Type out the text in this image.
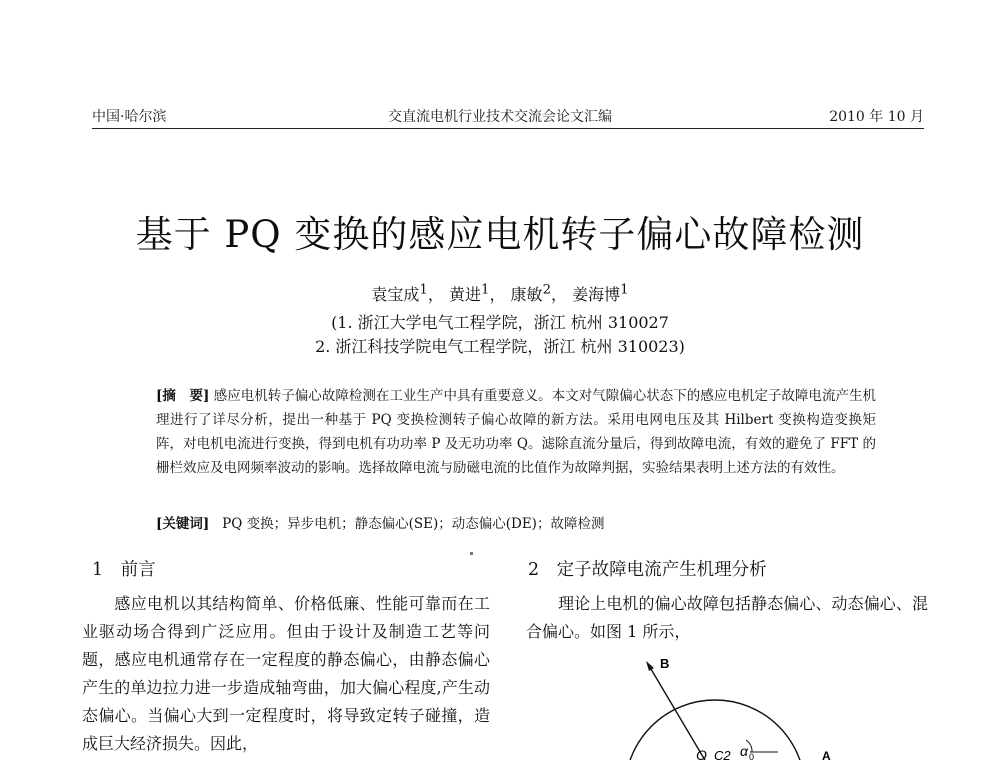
中国·哈尔滨	交直流电机行业技术交流会论文汇编	2010 年 10 月
基于 PQ 变换的感应电机转子偏心故障检测
袁宝成$^1$， 黄进$^1$， 康敏$^2$， 姜海博$^1$
(1. 浙江大学电气工程学院，浙江 杭州 310027
2. 浙江科技学院电气工程学院，浙江 杭州 310023)
[摘　要] 感应电机转子偏心故障检测在工业生产中具有重要意义。本文对气隙偏心状态下的感应电机定子故障电流产生机理进行了详尽分析，提出一种基于 PQ 变换检测转子偏心故障的新方法。采用电网电压及其 Hilbert 变换构造变换矩阵，对电机电流进行变换，得到电机有功功率 P 及无功功率 Q。滤除直流分量后，得到故障电流，有效的避免了 FFT 的栅栏效应及电网频率波动的影响。选择故障电流与励磁电流的比值作为故障判据，实验结果表明上述方法的有效性。
[关键词] PQ 变换；异步电机；静态偏心(SE)；动态偏心(DE)；故障检测
1　前言	2　定子故障电流产生机理分析
感应电机以其结构简单、价格低廉、性能可靠而在工业驱动场合得到广泛应用。但由于设计及制造工艺等问题，感应电机通常存在一定程度的静态偏心，由静态偏心产生的单边拉力进一步造成轴弯曲，加大偏心程度,产生动态偏心。当偏心大到一定程度时，将导致定转子碰撞，造成巨大经济损失。因此，
理论上电机的偏心故障包括静态偏心、动态偏心、混合偏心。如图 1 所示，
B
A
O C2 α 0
